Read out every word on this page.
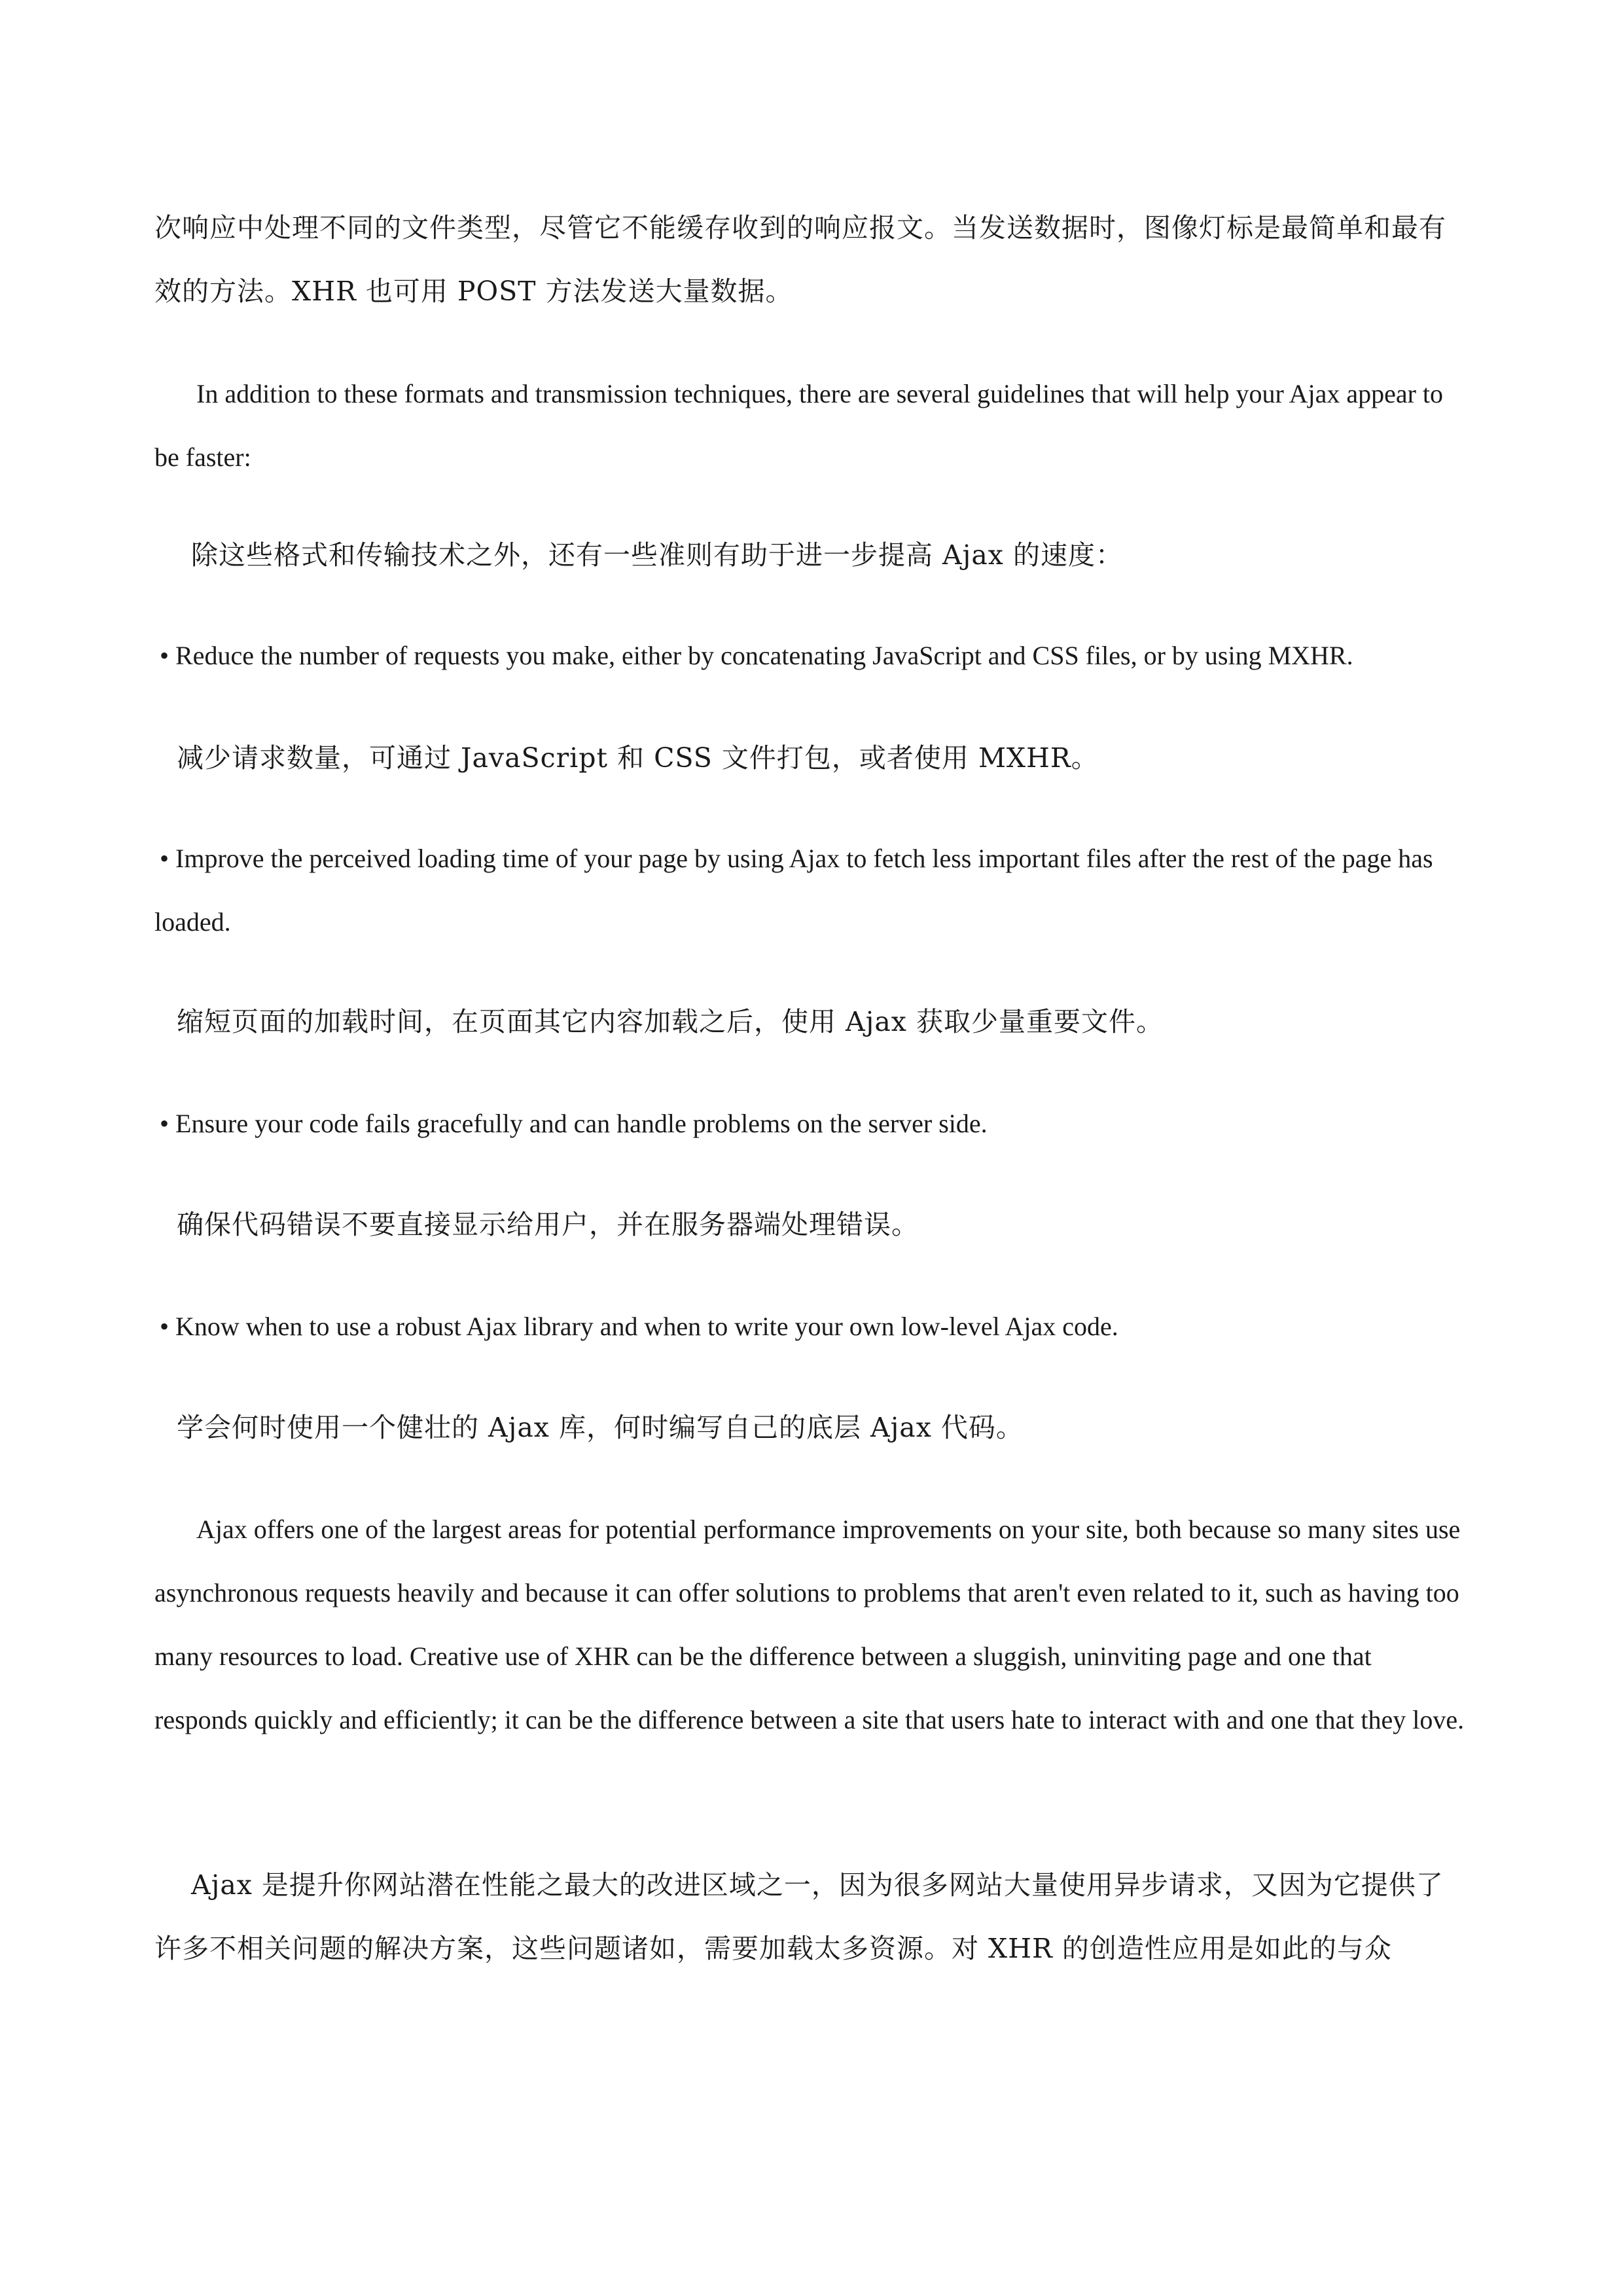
次响应中处理不同的文件类型，尽管它不能缓存收到的响应报文。当发送数据时，图像灯标是最简单和最有效的方法。XHR 也可用 POST 方法发送大量数据。

In addition to these formats and transmission techniques, there are several guidelines that will help your Ajax appear to be faster:

除这些格式和传输技术之外，还有一些准则有助于进一步提高 Ajax 的速度：

• Reduce the number of requests you make, either by concatenating JavaScript and CSS files, or by using MXHR.

减少请求数量，可通过 JavaScript 和 CSS 文件打包，或者使用 MXHR。

• Improve the perceived loading time of your page by using Ajax to fetch less important files after the rest of the page has loaded.

缩短页面的加载时间，在页面其它内容加载之后，使用 Ajax 获取少量重要文件。

• Ensure your code fails gracefully and can handle problems on the server side.

确保代码错误不要直接显示给用户，并在服务器端处理错误。

• Know when to use a robust Ajax library and when to write your own low-level Ajax code.

学会何时使用一个健壮的 Ajax 库，何时编写自己的底层 Ajax 代码。

Ajax offers one of the largest areas for potential performance improvements on your site, both because so many sites use asynchronous requests heavily and because it can offer solutions to problems that aren't even related to it, such as having too many resources to load. Creative use of XHR can be the difference between a sluggish, uninviting page and one that responds quickly and efficiently; it can be the difference between a site that users hate to interact with and one that they love.

Ajax 是提升你网站潜在性能之最大的改进区域之一，因为很多网站大量使用异步请求，又因为它提供了许多不相关问题的解决方案，这些问题诸如，需要加载太多资源。对 XHR 的创造性应用是如此的与众
